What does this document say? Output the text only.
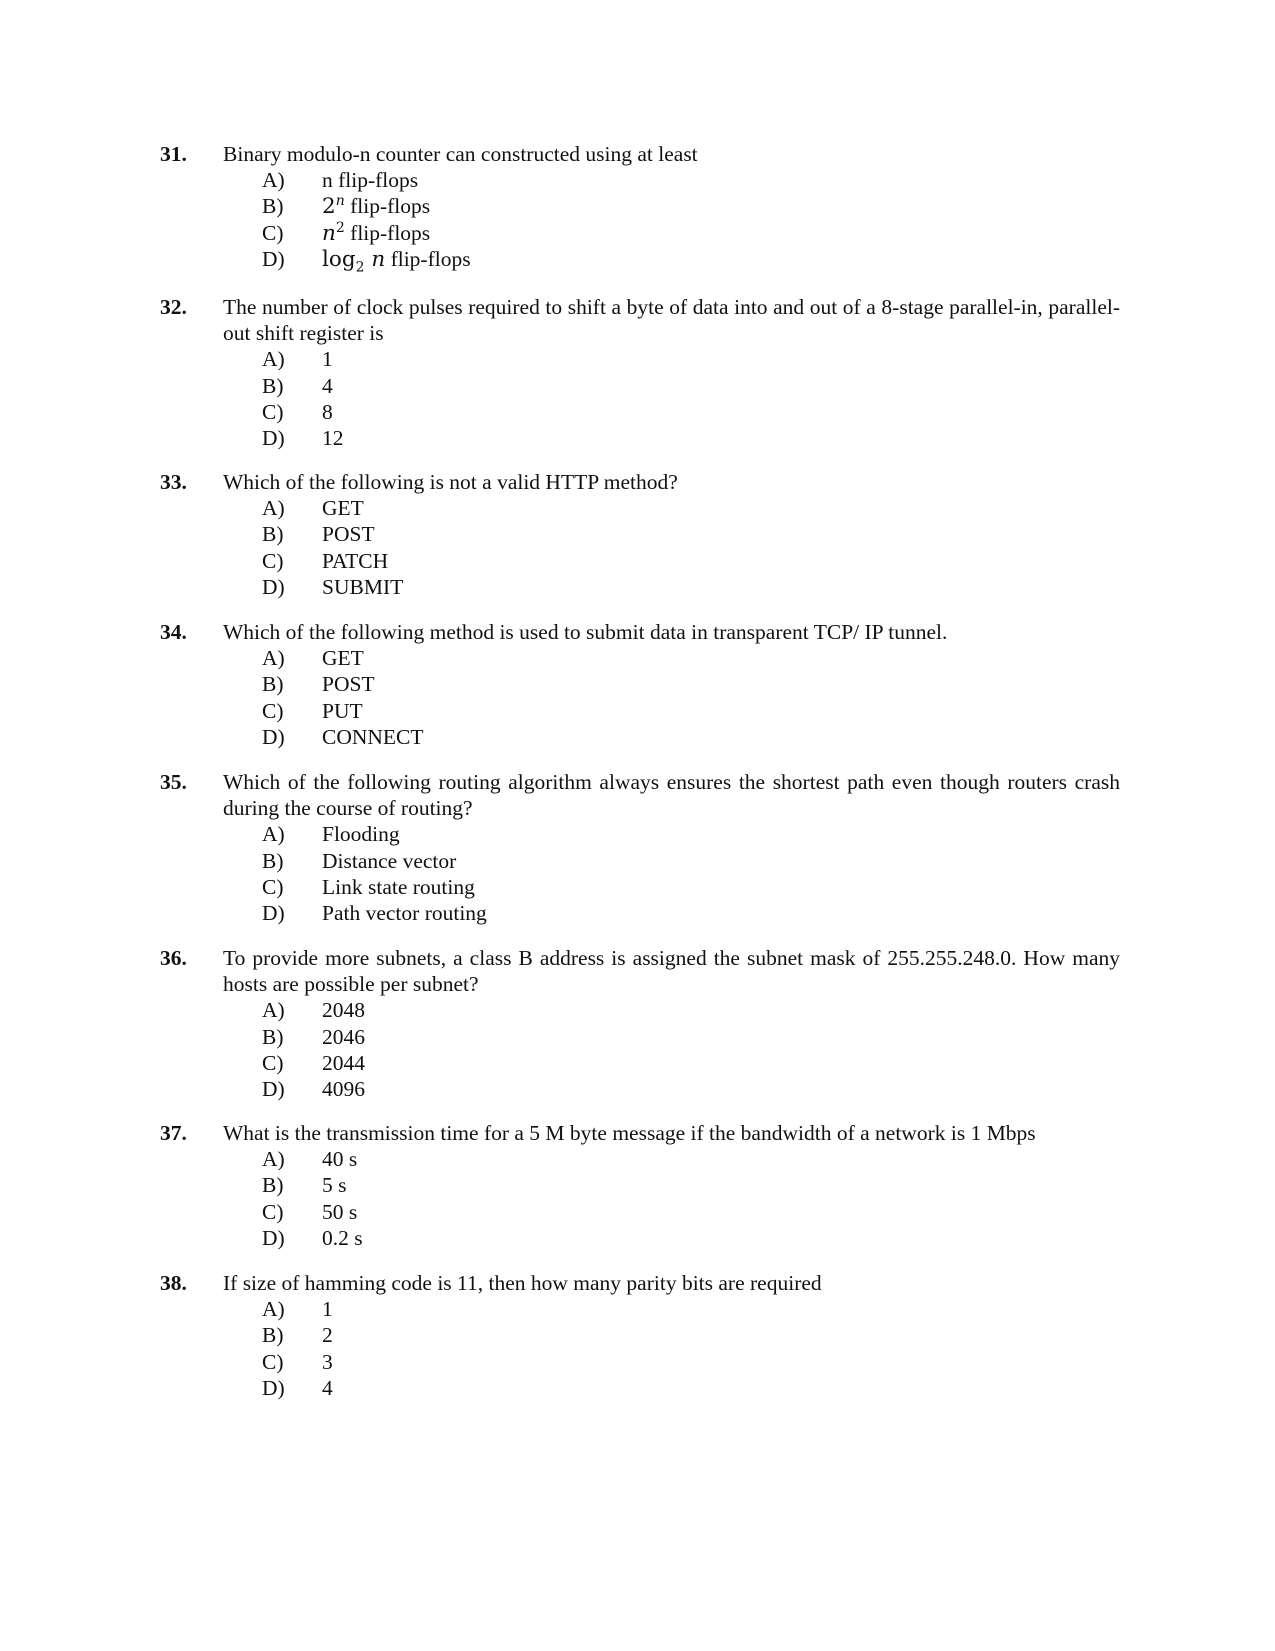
31. Binary modulo-n counter can constructed using at least
A)	n flip-flops
B)	2$^n$ flip-flops
C)	$n^2$ flip-flops
D)	$\log_2 n$ flip-flops
32. The number of clock pulses required to shift a byte of data into and out of a 8-stage parallel-in, parallel-out shift register is
A)	1
B)	4
C)	8
D)	12
33. Which of the following is not a valid HTTP method?
A)	GET
B)	POST
C)	PATCH
D)	SUBMIT
34. Which of the following method is used to submit data in transparent TCP/ IP tunnel.
A)	GET
B)	POST
C)	PUT
D)	CONNECT
35. Which of the following routing algorithm always ensures the shortest path even though routers crash during the course of routing?
A)	Flooding
B)	Distance vector
C)	Link state routing
D)	Path vector routing
36. To provide more subnets, a class B address is assigned the subnet mask of 255.255.248.0. How many hosts are possible per subnet?
A)	2048
B)	2046
C)	2044
D)	4096
37. What is the transmission time for a 5 M byte message if the bandwidth of a network is 1 Mbps
A)	40 s
B)	5 s
C)	50 s
D)	0.2 s
38. If size of hamming code is 11, then how many parity bits are required
A)	1
B)	2
C)	3
D)	4
